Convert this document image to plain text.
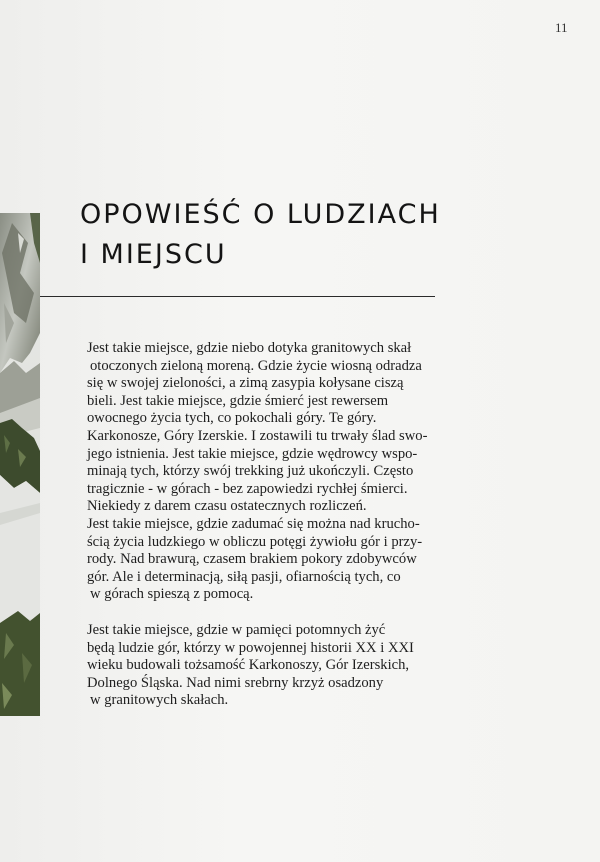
11
OPOWIEŚĆ O LUDZIACH
I MIEJSCU
Jest takie miejsce, gdzie niebo dotyka granitowych skał
otoczonych zieloną moreną. Gdzie życie wiosną odradza
się w swojej zieloności, a zimą zasypia kołysane ciszą
bieli. Jest takie miejsce, gdzie śmierć jest rewersem
owocnego życia tych, co pokochali góry. Te góry.
Karkonosze, Góry Izerskie. I zostawili tu trwały ślad swo-
jego istnienia. Jest takie miejsce, gdzie wędrowcy wspo-
minają tych, którzy swój trekking już ukończyli. Często
tragicznie - w górach - bez zapowiedzi rychłej śmierci.
Niekiedy z darem czasu ostatecznych rozliczeń.
Jest takie miejsce, gdzie zadumać się można nad krucho-
ścią życia ludzkiego w obliczu potęgi żywiołu gór i przy-
rody. Nad brawurą, czasem brakiem pokory zdobywców
gór. Ale i determinacją, siłą pasji, ofiarnością tych, co
w górach spieszą z pomocą.
Jest takie miejsce, gdzie w pamięci potomnych żyć
będą ludzie gór, którzy w powojennej historii XX i XXI
wieku budowali tożsamość Karkonoszy, Gór Izerskich,
Dolnego Śląska. Nad nimi srebrny krzyż osadzony
w granitowych skałach.
